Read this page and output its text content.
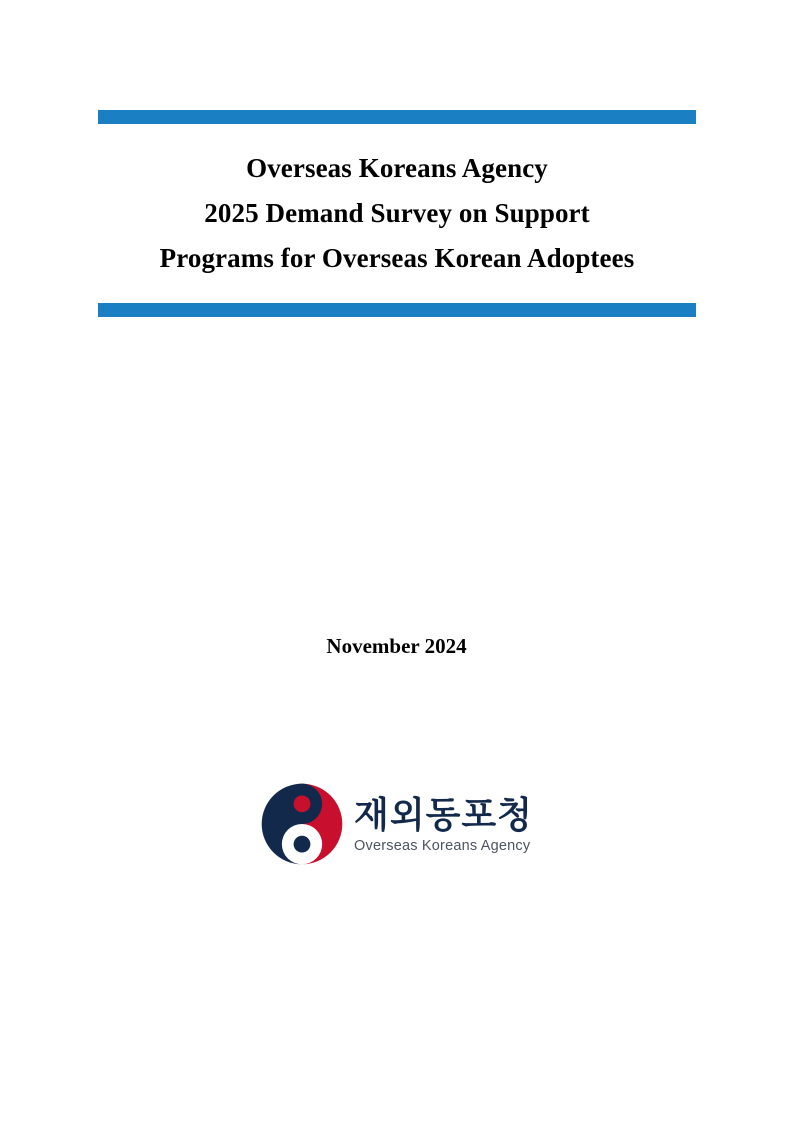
Overseas Koreans Agency
2025 Demand Survey on Support
Programs for Overseas Korean Adoptees
November 2024
재외동포청
Overseas Koreans Agency
